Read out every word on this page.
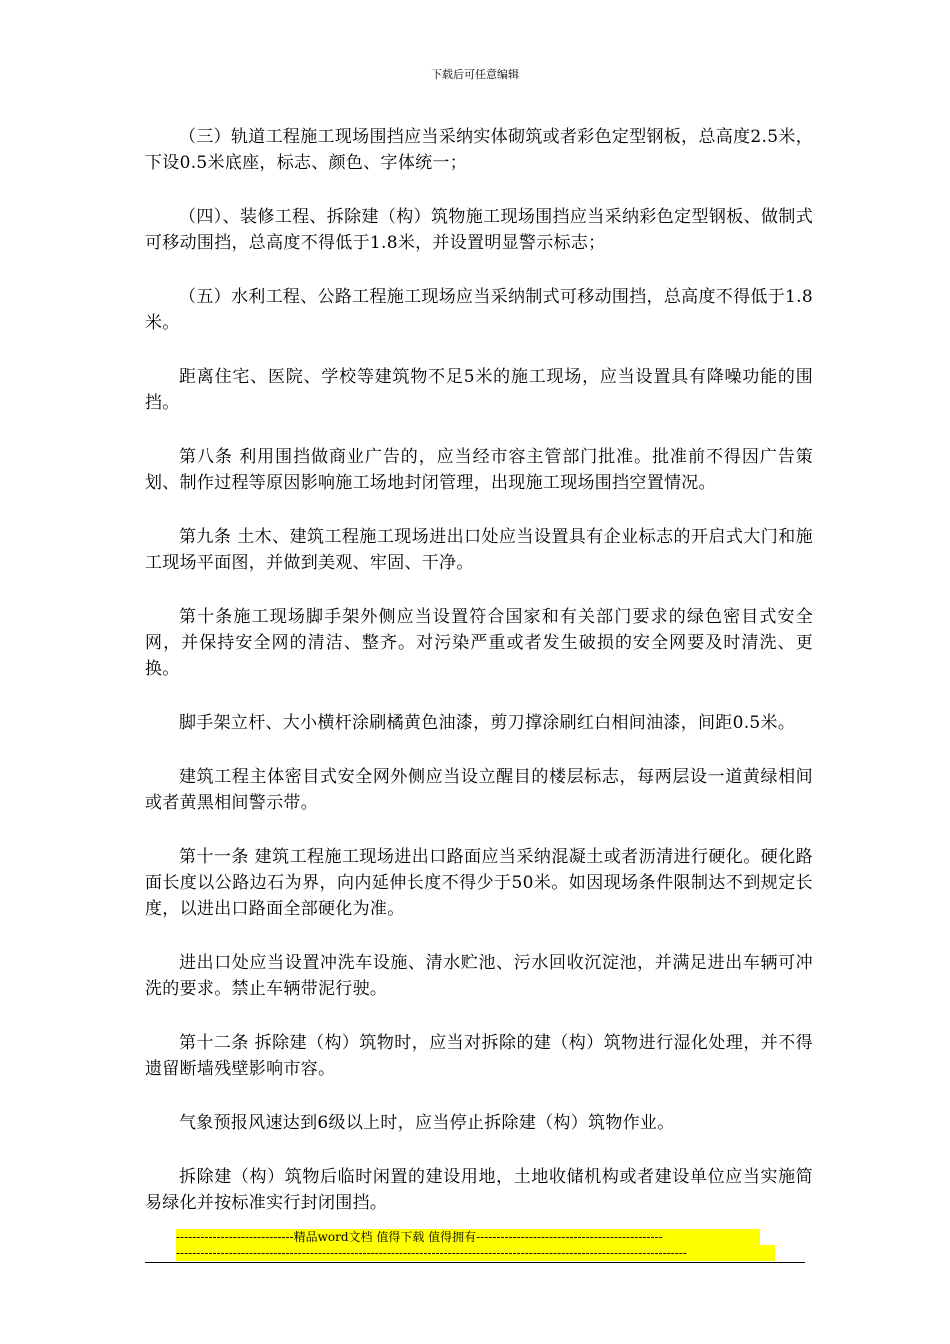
下载后可任意编辑

（三）轨道工程施工现场围挡应当采纳实体砌筑或者彩色定型钢板，总高度2.5米，下设0.5米底座，标志、颜色、字体统一；

（四）、装修工程、拆除建（构）筑物施工现场围挡应当采纳彩色定型钢板、做制式可移动围挡，总高度不得低于1.8米，并设置明显警示标志；

（五）水利工程、公路工程施工现场应当采纳制式可移动围挡，总高度不得低于1.8米。

距离住宅、医院、学校等建筑物不足5米的施工现场，应当设置具有降噪功能的围挡。

第八条 利用围挡做商业广告的，应当经市容主管部门批准。批准前不得因广告策划、制作过程等原因影响施工场地封闭管理，出现施工现场围挡空置情况。

第九条 土木、建筑工程施工现场进出口处应当设置具有企业标志的开启式大门和施工现场平面图，并做到美观、牢固、干净。

第十条施工现场脚手架外侧应当设置符合国家和有关部门要求的绿色密目式安全网，并保持安全网的清洁、整齐。对污染严重或者发生破损的安全网要及时清洗、更换。

脚手架立杆、大小横杆涂刷橘黄色油漆，剪刀撑涂刷红白相间油漆，间距0.5米。

建筑工程主体密目式安全网外侧应当设立醒目的楼层标志，每两层设一道黄绿相间或者黄黑相间警示带。

第十一条 建筑工程施工现场进出口路面应当采纳混凝土或者沥清进行硬化。硬化路面长度以公路边石为界，向内延伸长度不得少于50米。如因现场条件限制达不到规定长度，以进出口路面全部硬化为准。

进出口处应当设置冲洗车设施、清水贮池、污水回收沉淀池，并满足进出车辆可冲洗的要求。禁止车辆带泥行驶。

第十二条 拆除建（构）筑物时，应当对拆除的建（构）筑物进行湿化处理，并不得遗留断墙残壁影响市容。

气象预报风速达到6级以上时，应当停止拆除建（构）筑物作业。

拆除建（构）筑物后临时闲置的建设用地，土地收储机构或者建设单位应当实施简易绿化并按标准实行封闭围挡。

-----------------------------精品word文档 值得下载 值得拥有----------------------------------------------
------------------------------------------------------------------------------------------------------------------------------
